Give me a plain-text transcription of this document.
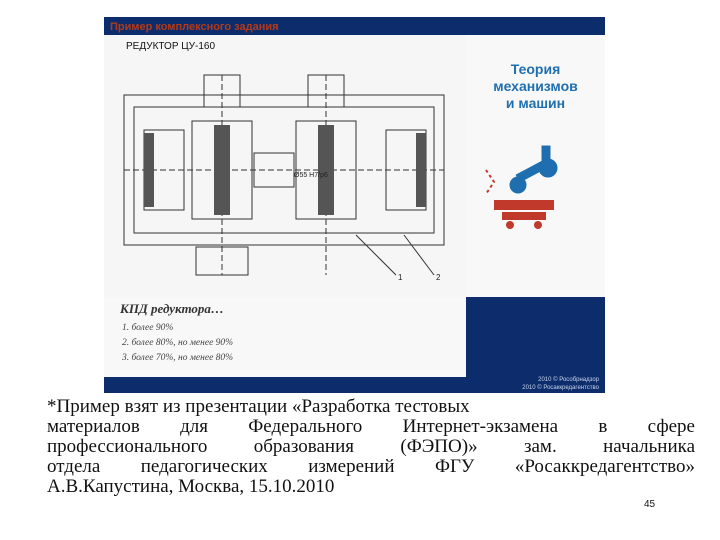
Пример комплексного задания
РЕДУКТОР ЦУ-160
Ø55 H7/p6
1	2
Теория
механизмов
и машин
КПД редуктора…
1. более 90%
2. более 80%, но менее 90%
3. более 70%, но менее 80%
2010 © Рособрнадзор
2010 © Росаккредагентство
*Пример взят из презентации «Разработка тестовых
материалов для Федерального Интернет-экзамена в сфере
профессионального образования (ФЭПО)» зам. начальника
отдела педагогических измерений ФГУ «Росаккредагентство»
А.В.Капустина, Москва, 15.10.2010
45
